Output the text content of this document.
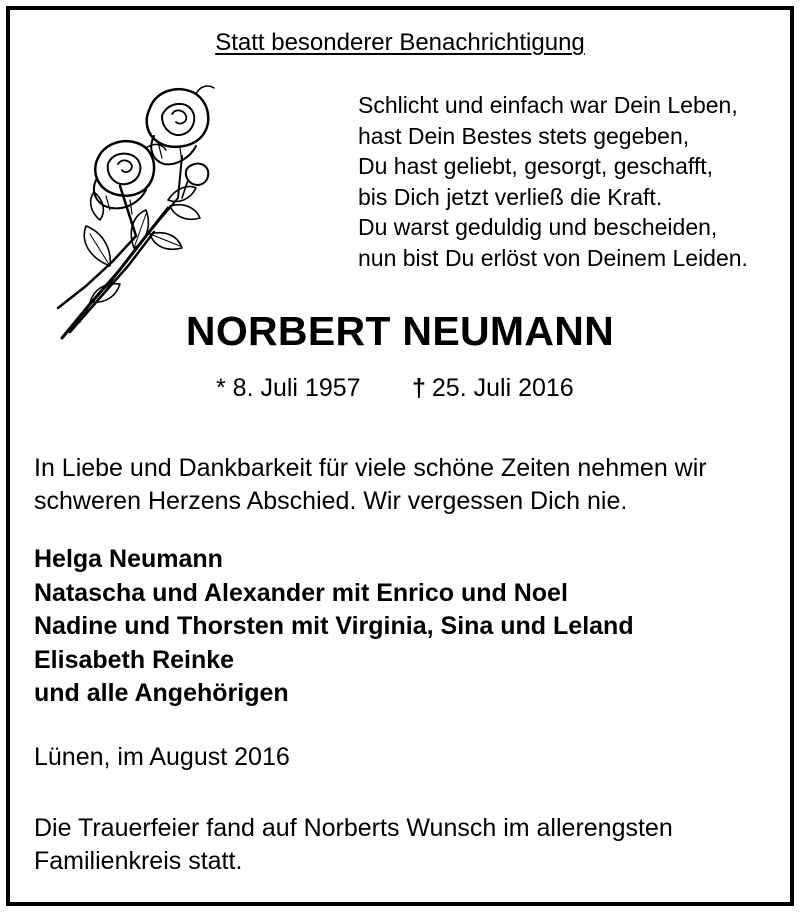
Statt besonderer Benachrichtigung
Schlicht und einfach war Dein Leben,
hast Dein Bestes stets gegeben,
Du hast geliebt, gesorgt, geschafft,
bis Dich jetzt verließ die Kraft.
Du warst geduldig und bescheiden,
nun bist Du erlöst von Deinem Leiden.
NORBERT NEUMANN
* 8. Juli 1957 † 25. Juli 2016
In Liebe und Dankbarkeit für viele schöne Zeiten nehmen wir
schweren Herzens Abschied. Wir vergessen Dich nie.
Helga Neumann
Natascha und Alexander mit Enrico und Noel
Nadine und Thorsten mit Virginia, Sina und Leland
Elisabeth Reinke
und alle Angehörigen
Lünen, im August 2016
Die Trauerfeier fand auf Norberts Wunsch im allerengsten
Familienkreis statt.
